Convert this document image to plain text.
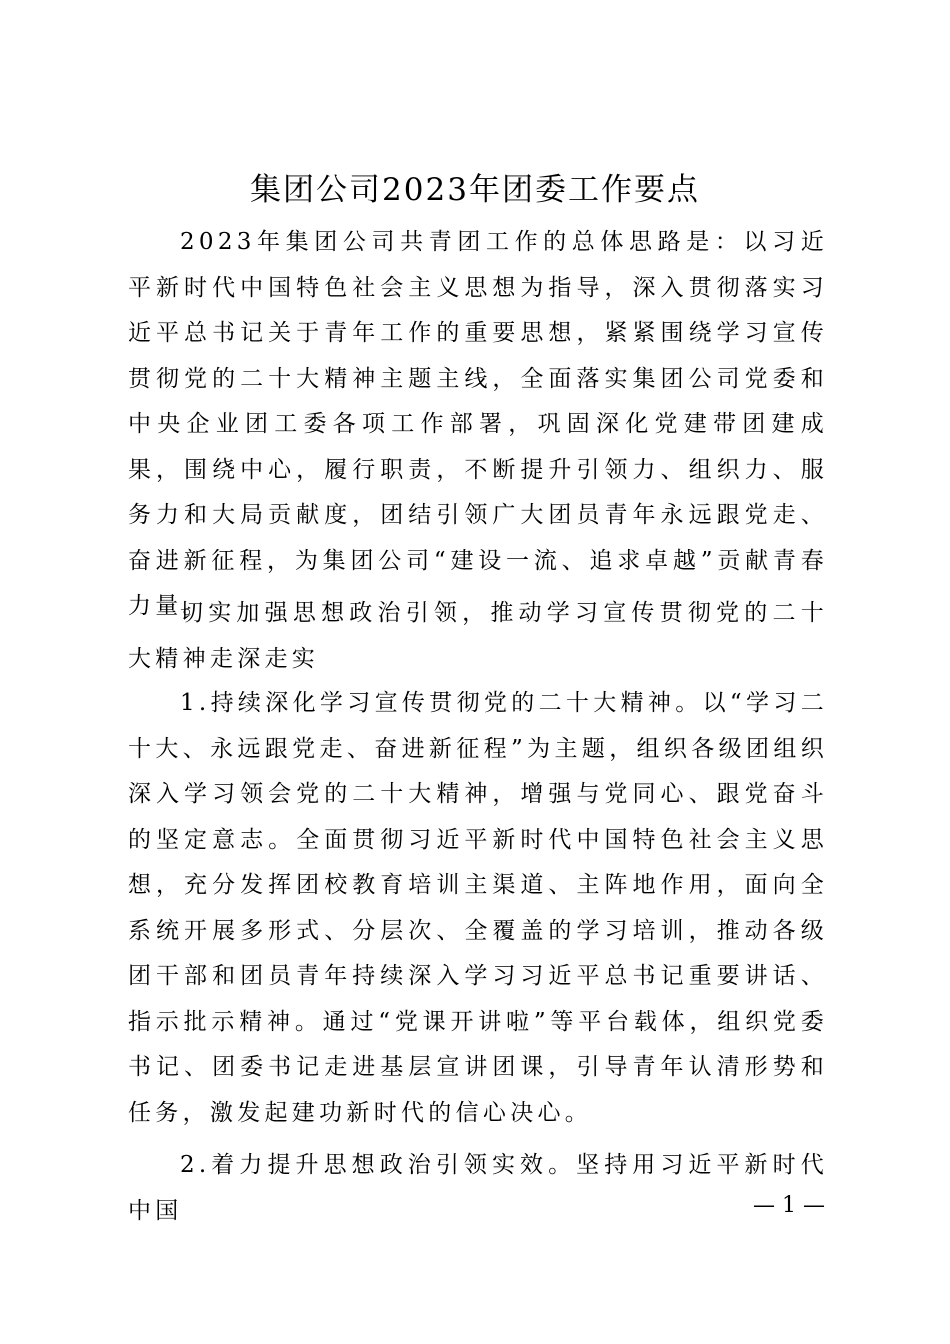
集团公司2023年团委工作要点

2023年集团公司共青团工作的总体思路是：以习近平新时代中国特色社会主义思想为指导，深入贯彻落实习近平总书记关于青年工作的重要思想，紧紧围绕学习宣传贯彻党的二十大精神主题主线，全面落实集团公司党委和中央企业团工委各项工作部署，巩固深化党建带团建成果，围绕中心，履行职责，不断提升引领力、组织力、服务力和大局贡献度，团结引领广大团员青年永远跟党走、奋进新征程，为集团公司“建设一流、追求卓越”贡献青春力量。

切实加强思想政治引领，推动学习宣传贯彻党的二十大精神走深走实

1.持续深化学习宣传贯彻党的二十大精神。以“学习二十大、永远跟党走、奋进新征程”为主题，组织各级团组织深入学习领会党的二十大精神，增强与党同心、跟党奋斗的坚定意志。全面贯彻习近平新时代中国特色社会主义思想，充分发挥团校教育培训主渠道、主阵地作用，面向全系统开展多形式、分层次、全覆盖的学习培训，推动各级团干部和团员青年持续深入学习习近平总书记重要讲话、指示批示精神。通过“党课开讲啦”等平台载体，组织党委书记、团委书记走进基层宣讲团课，引导青年认清形势和任务，激发起建功新时代的信心决心。

2.着力提升思想政治引领实效。坚持用习近平新时代中国	— 1 —
